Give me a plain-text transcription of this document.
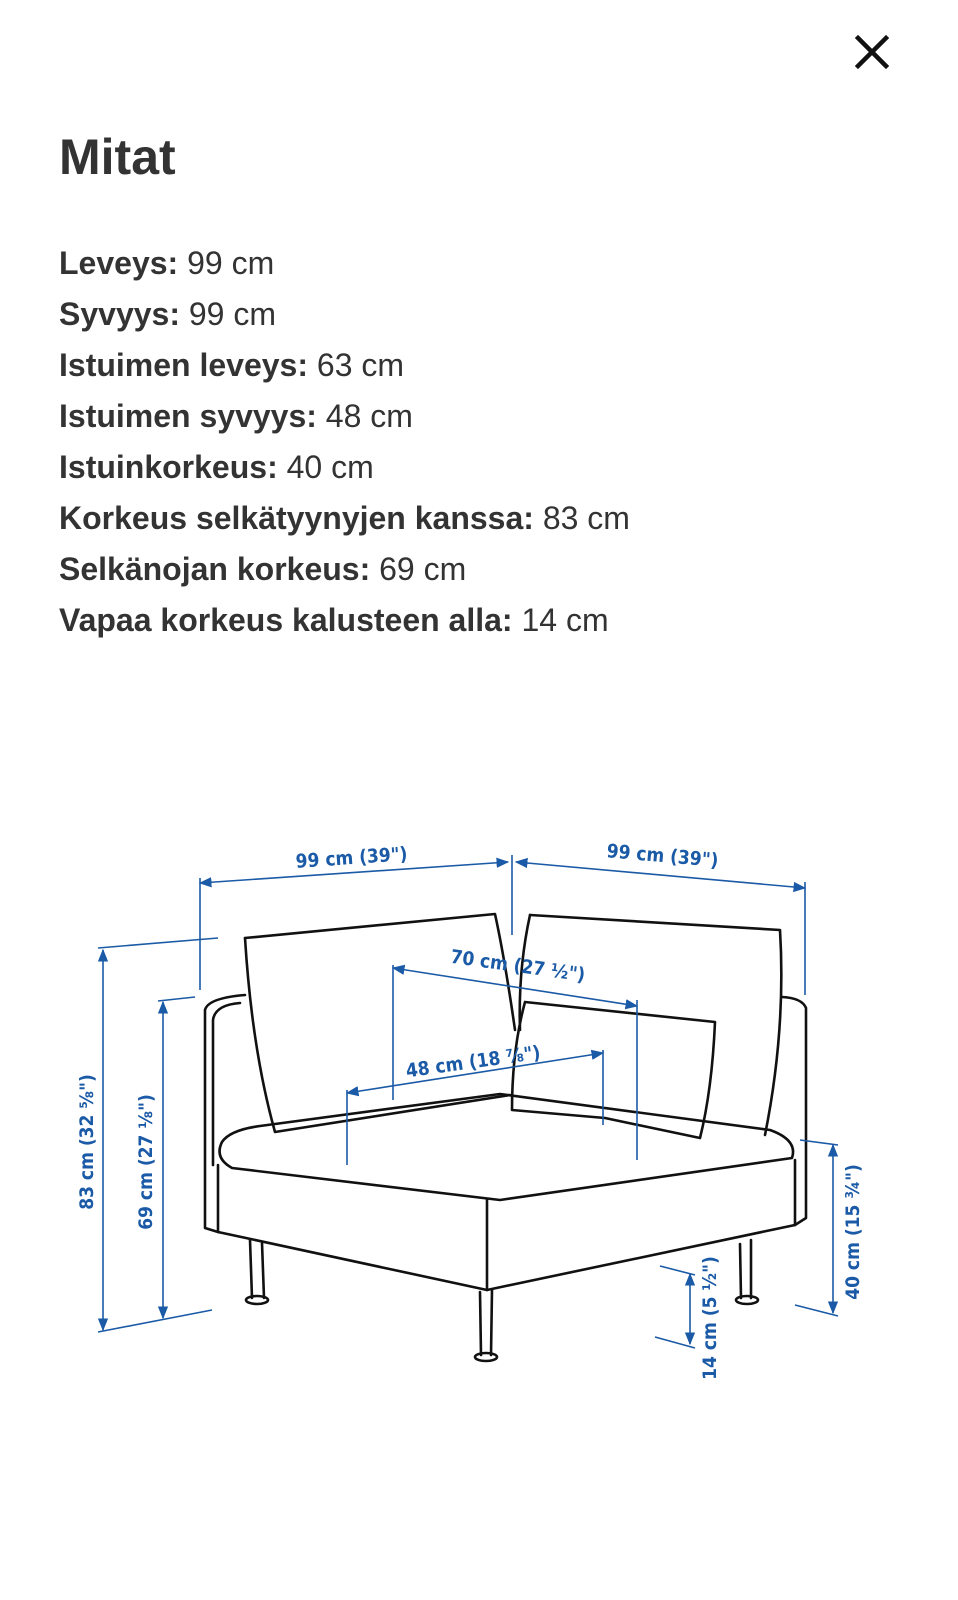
Mitat
Leveys: 99 cm
Syvyys: 99 cm
Istuimen leveys: 63 cm
Istuimen syvyys: 48 cm
Istuinkorkeus: 40 cm
Korkeus selkätyynyjen kanssa: 83 cm
Selkänojan korkeus: 69 cm
Vapaa korkeus kalusteen alla: 14 cm
99 cm (39")	99 cm (39")
70 cm (27 ½")
48 cm (18 ⅞")
83 cm (32 ⅝") 69 cm (27 ⅛")
40 cm (15 ¾")
14 cm (5 ½")
